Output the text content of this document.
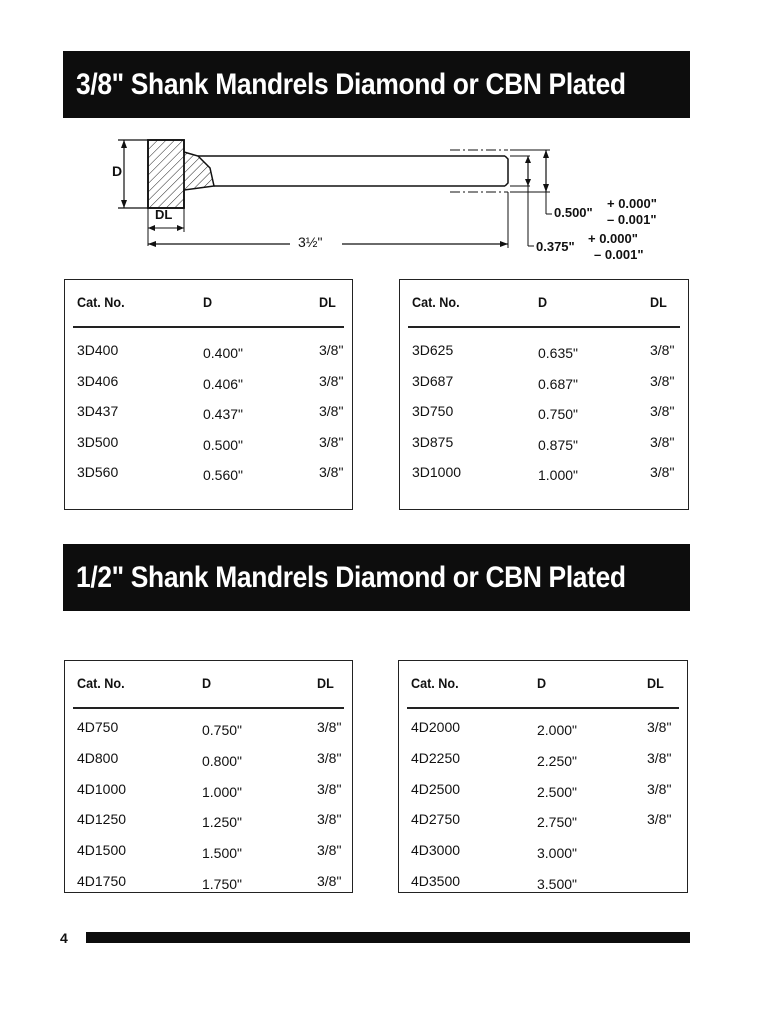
3/8" Shank Mandrels Diamond or CBN Plated
D
DL
3½"
0.500"
+ 0.000"
– 0.001"
0.375"
+ 0.000"
– 0.001"
1/2" Shank Mandrels Diamond or CBN Plated
Cat. No.	D	DL
3D400	0.400"	3/8"
3D406	0.406"	3/8"
3D437	0.437"	3/8"
3D500	0.500"	3/8"
3D560	0.560"	3/8"
Cat. No.	D	DL
3D625	0.635"	3/8"
3D687	0.687"	3/8"
3D750	0.750"	3/8"
3D875	0.875"	3/8"
3D1000	1.000"	3/8"
Cat. No.	D	DL
4D750	0.750"	3/8"
4D800	0.800"	3/8"
4D1000	1.000"	3/8"
4D1250	1.250"	3/8"
4D1500	1.500"	3/8"
4D1750	1.750"	3/8"
Cat. No.	D	DL
4D2000	2.000"	3/8"
4D2250	2.250"	3/8"
4D2500	2.500"	3/8"
4D2750	2.750"	3/8"
4D3000	3.000"
4D3500	3.500"
4
